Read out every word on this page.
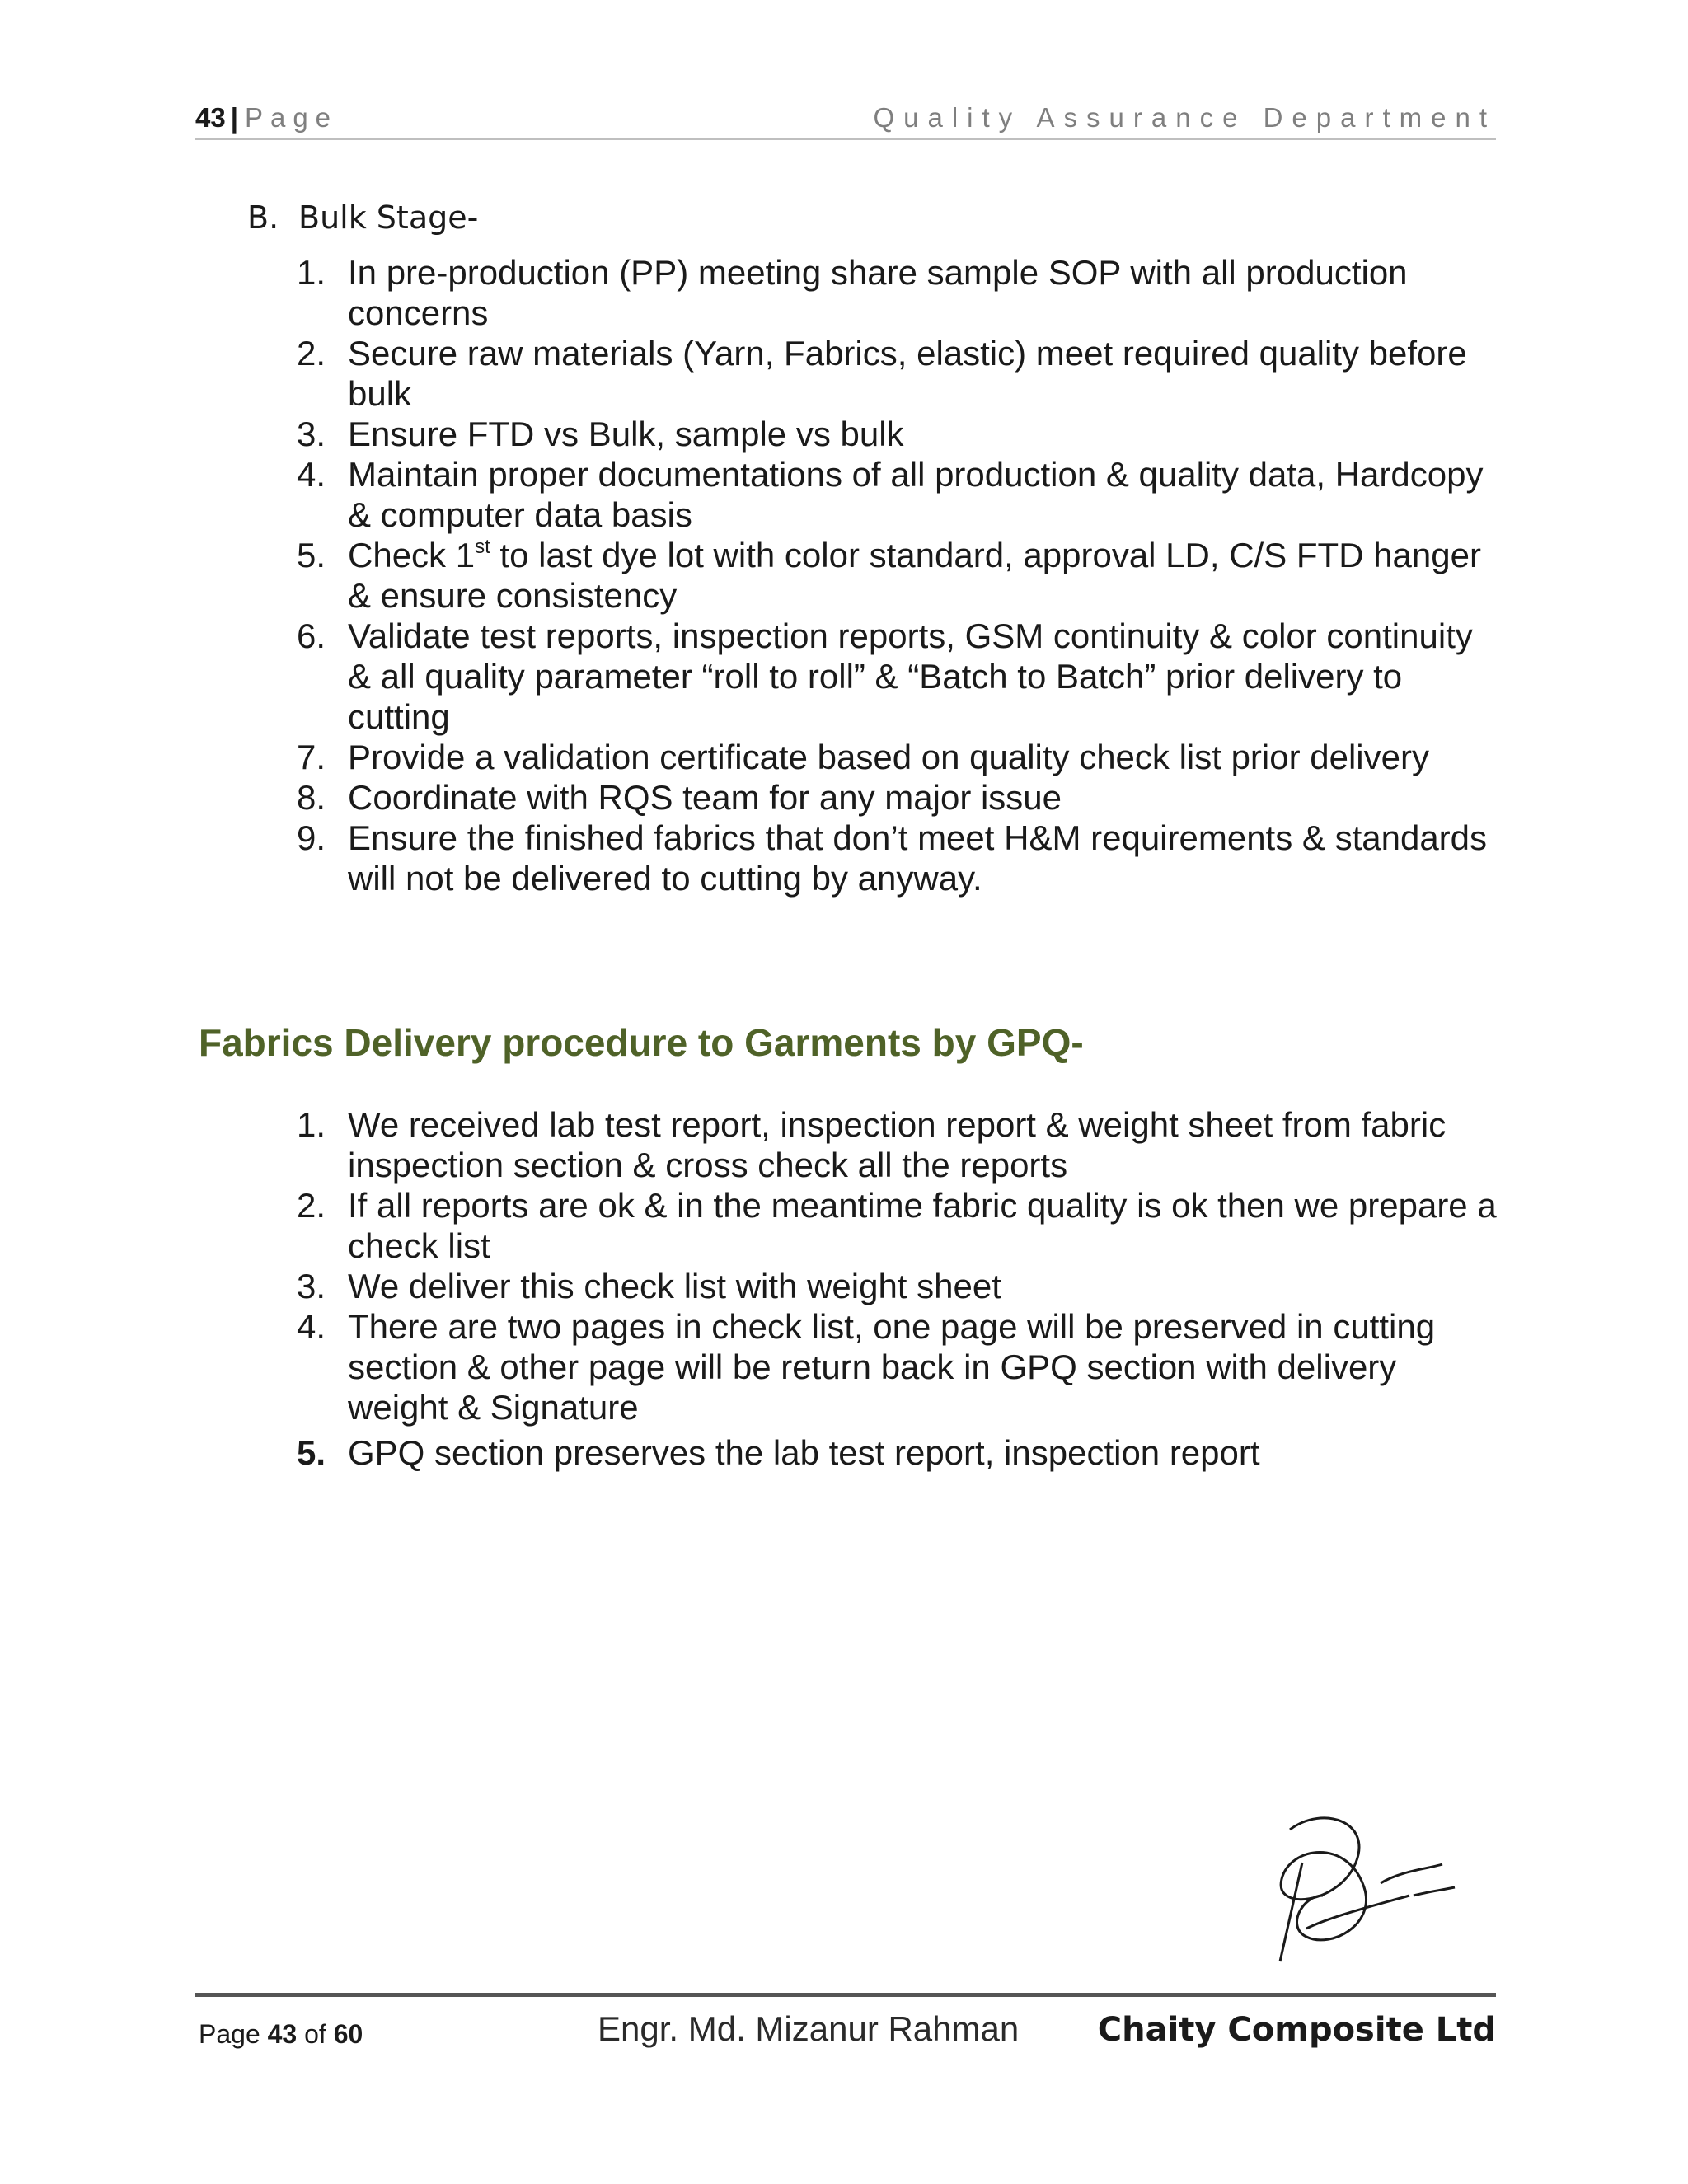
43 | Page	Quality Assurance Department
B. Bulk Stage-
1. In pre-production (PP) meeting share sample SOP with all production concerns
2. Secure raw materials (Yarn, Fabrics, elastic) meet required quality before bulk
3. Ensure FTD vs Bulk, sample vs bulk
4. Maintain proper documentations of all production & quality data, Hardcopy & computer data basis
5. Check 1st to last dye lot with color standard, approval LD, C/S FTD hanger & ensure consistency
6. Validate test reports, inspection reports, GSM continuity & color continuity & all quality parameter “roll to roll” & “Batch to Batch” prior delivery to cutting
7. Provide a validation certificate based on quality check list prior delivery
8. Coordinate with RQS team for any major issue
9. Ensure the finished fabrics that don’t meet H&M requirements & standards will not be delivered to cutting by anyway.
Fabrics Delivery procedure to Garments by GPQ-
1. We received lab test report, inspection report & weight sheet from fabric inspection section & cross check all the reports
2. If all reports are ok & in the meantime fabric quality is ok then we prepare a check list
3. We deliver this check list with weight sheet
4. There are two pages in check list, one page will be preserved in cutting section & other page will be return back in GPQ section with delivery weight & Signature
5. GPQ section preserves the lab test report, inspection report
Page 43 of 60	Engr. Md. Mizanur Rahman Chaity Composite Ltd
